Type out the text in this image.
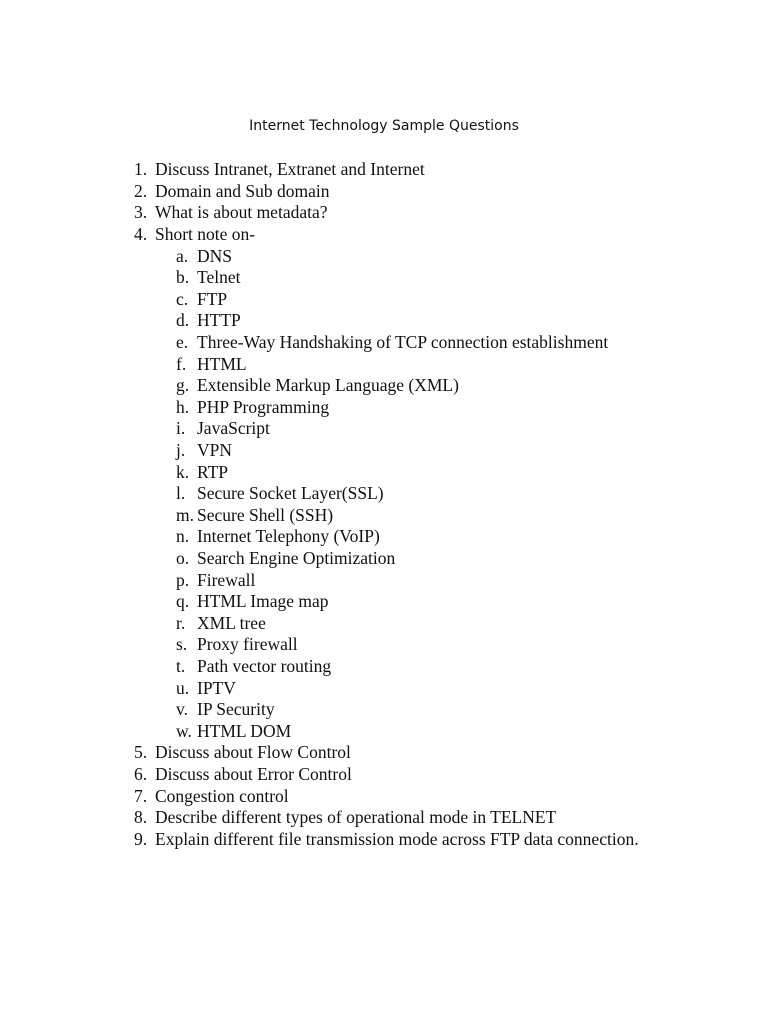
Internet Technology Sample Questions
1. Discuss Intranet, Extranet and Internet
2. Domain and Sub domain
3. What is about metadata?
4. Short note on-
a. DNS
b. Telnet
c. FTP
d. HTTP
e. Three-Way Handshaking of TCP connection establishment
f. HTML
g. Extensible Markup Language (XML)
h. PHP Programming
i. JavaScript
j. VPN
k. RTP
l. Secure Socket Layer(SSL)
m. Secure Shell (SSH)
n. Internet Telephony (VoIP)
o. Search Engine Optimization
p. Firewall
q. HTML Image map
r. XML tree
s. Proxy firewall
t. Path vector routing
u. IPTV
v. IP Security
w. HTML DOM
5. Discuss about Flow Control
6. Discuss about Error Control
7. Congestion control
8. Describe different types of operational mode in TELNET
9. Explain different file transmission mode across FTP data connection.
